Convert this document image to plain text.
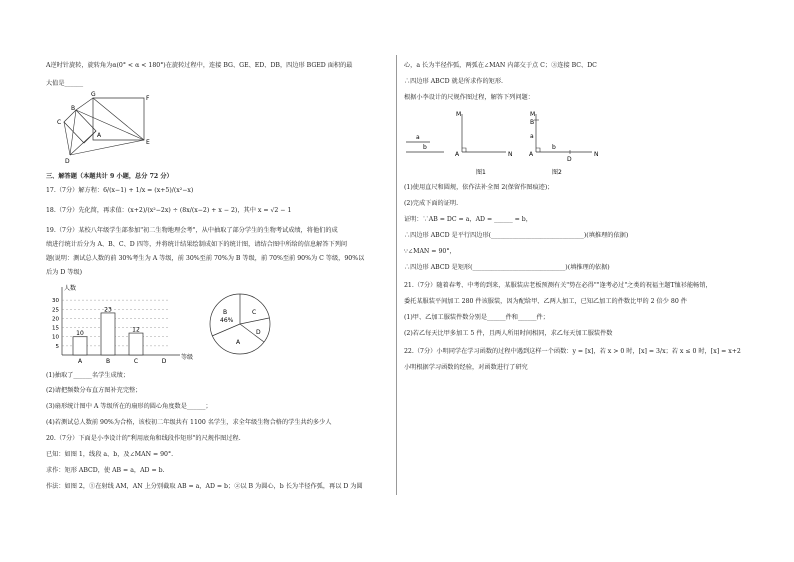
A逆时针旋转，旋转角为α(0° < α < 180°)在旋转过程中，连接 BG、GE、ED、DB，四边形 BGED 面积的最
大值是______
G
F
B
A
C
E
D
三、解答题（本题共计 9 小题，总分 72 分）
17.（7分）解方程：6/(x−1) + 1/x = (x+5)/(x²−x)
18.（7分）先化简，再求值：(x+2)/(x²−2x) ÷ (8x/(x−2) + x − 2)，其中 x = √2 − 1
19.（7分）某校八年级学生部参加"初二生物地理会考"，从中抽取了部分学生的生物考试成绩，将他们的成
绩进行统计后分为 A、B、C、D 四等，并将统计结果绘制成如下的统计图，请结合图中所给的信息解答下列问
题(说明：测试总人数的前 30%考生为 A 等级，前 30%至前 70%为 B 等级，前 70%至前 90%为 C 等级，90%以
后为 D 等级)
人数
等级
5
10
15
20
25
30
10
A
23
B
12
C	D
B
46%
C
D
A
(1)抽取了______名学生成绩；
(2)请把频数分布直方图补充完整；
(3)扇形统计图中 A 等级所在的扇形的圆心角度数是______；
(4)若测试总人数前 90%为合格，该校初二年级共有 1100 名学生，求全年级生物合格的学生共约多少人
20.（7分）下面是小李设计的"利用底角和线段作矩形"的尺规作图过程.
已知：如图 1，线段 a、b，及∠MAN = 90°.
求作：矩形 ABCD，使 AB = a，AD = b.
作法：如图 2，①在射线 AM，AN 上分别截取 AB = a，AD = b；②以 B 为圆心，b 长为半径作弧，再以 D 为圆
心，a 长为半径作弧，两弧在∠MAN 内部交于点 C；③连接 BC、DC
∴四边形 ABCD 就是所求作的矩形.
根据小李设计的尺规作图过程，解答下列问题：
a
b
M
A	N
图1
M
B
a
A
b
D
N
图2
(1)使用直尺和圆规，依作法补全图 2(保留作图痕迹)；
(2)完成下面的证明.
证明：∵AB = DC = a，AD = ______ = b，
∴四边形 ABCD 是平行四边形(______________________________)(填推理的依据)
∵∠MAN = 90°，
∴四边形 ABCD 是矩形(______________________________)(填推理的依据)
21.（7分）随着春考、中考的到来，某服装店老板预测有关"势在必得""逢考必过"之类的祝福主题T恤衫能畅销，
委托某服装平间加工 280 件该服装，因为配给甲、乙两人加工，已知乙加工的件数比甲的 2 倍少 80 件
(1)甲、乙加工服装件数分别是______件和______件；
(2)若乙每天比甲多加工 5 件，且两人所用时间相同，求乙每天加工服装件数
22.（7分）小明同学在学习函数的过程中遇到这样一个函数：y = [x]，若 x > 0 时，[x] = 3/x；若 x ≤ 0 时，[x] = x+2
小明根据学习函数的经验，对函数进行了研究
